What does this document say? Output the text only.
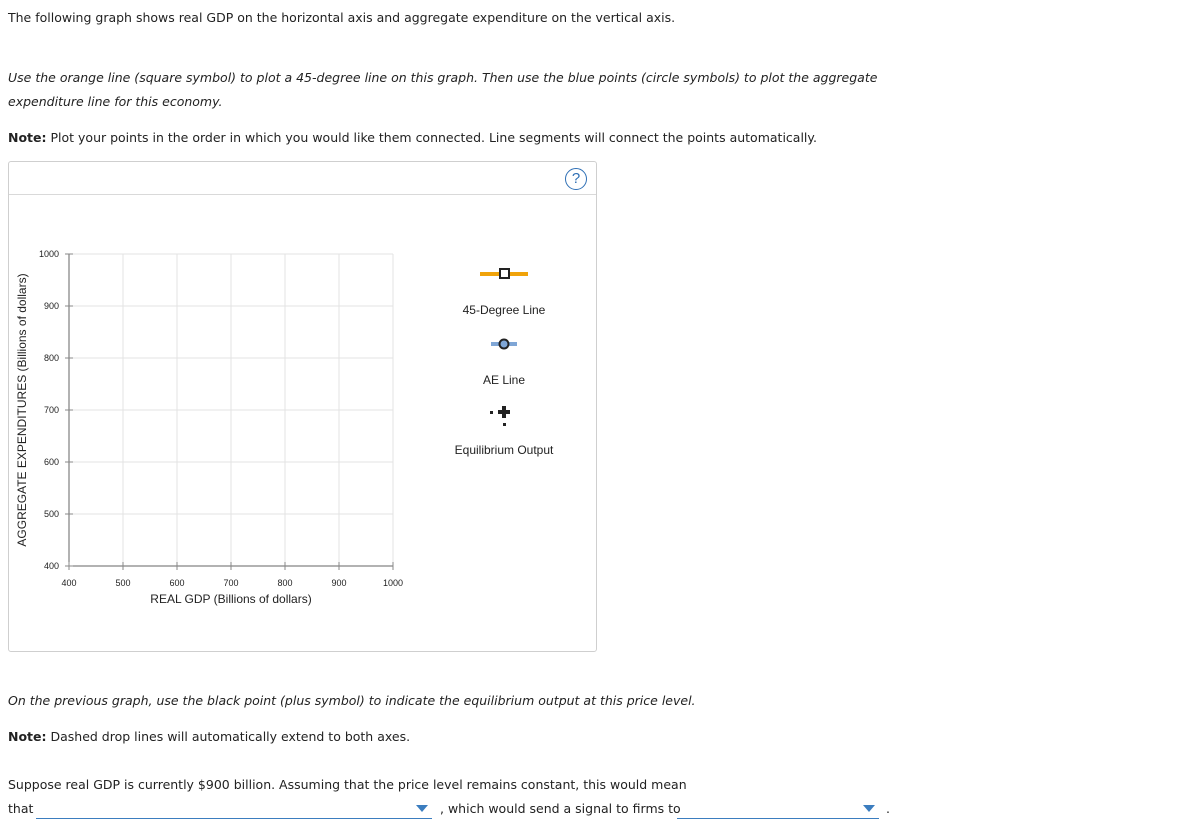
The following graph shows real GDP on the horizontal axis and aggregate expenditure on the vertical axis.

Use the orange line (square symbol) to plot a 45-degree line on this graph. Then use the blue points (circle symbols) to plot the aggregate

expenditure line for this economy.

Note: Plot your points in the order in which you would like them connected. Line segments will connect the points automatically.

?
400	500	600	700	800	900	1000
400
500
600
700
800
900
1000
REAL GDP (Billions of dollars)
AGGREGATE EXPENDITURES (Billions of dollars)	45-Degree Line
AE Line
Equilibrium Output

On the previous graph, use the black point (plus symbol) to indicate the equilibrium output at this price level.

Note: Dashed drop lines will automatically extend to both axes.

Suppose real GDP is currently $900 billion. Assuming that the price level remains constant, this would mean

that	, which would send a signal to firms to	.
